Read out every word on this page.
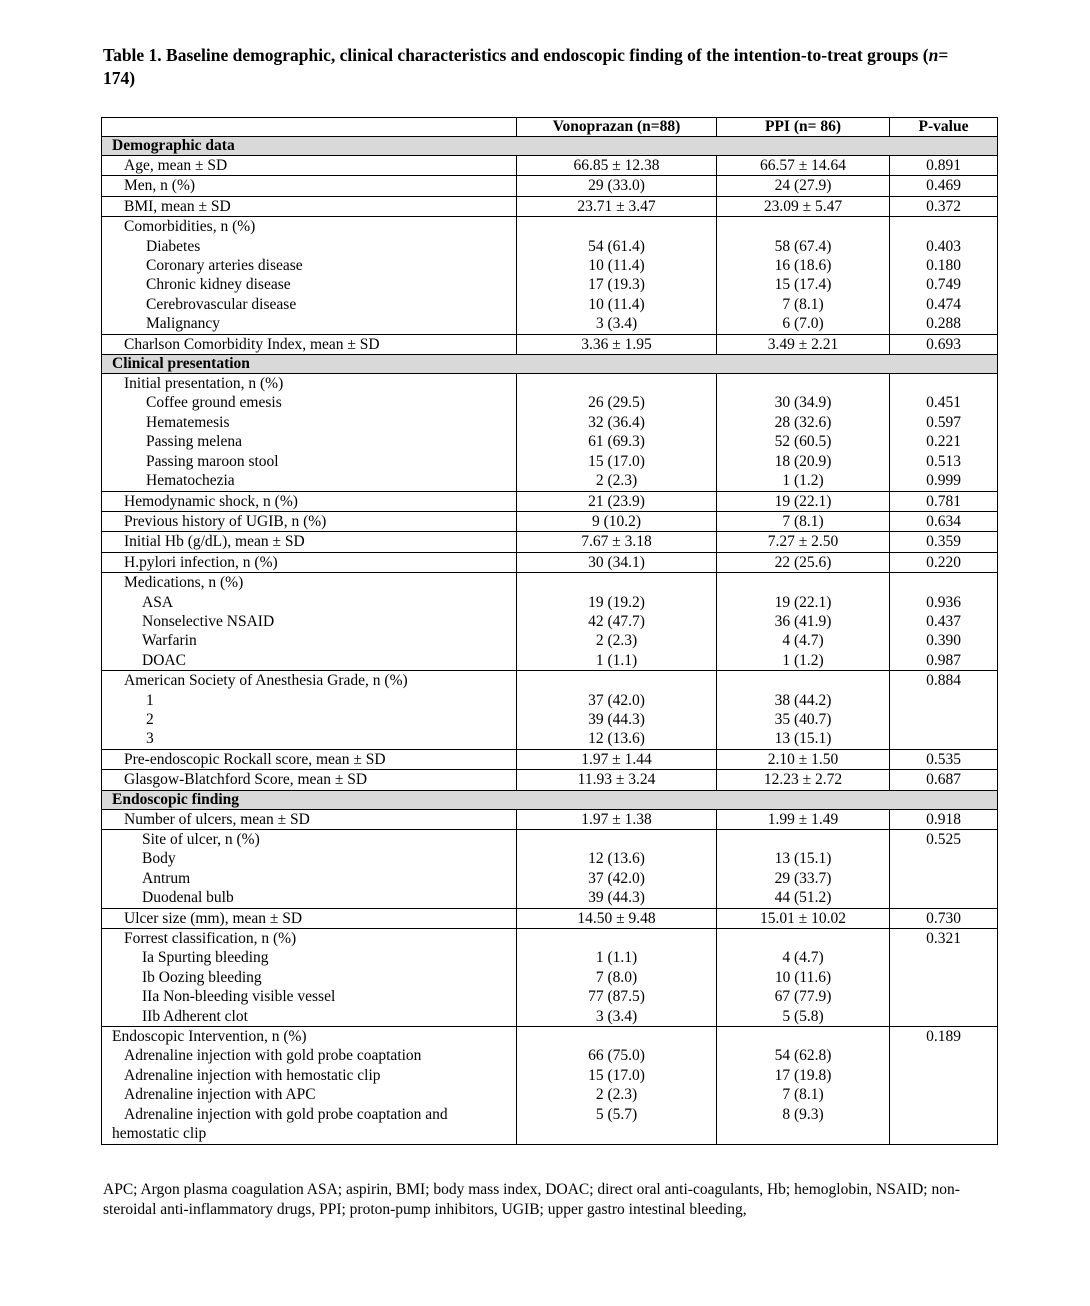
Table 1. Baseline demographic, clinical characteristics and endoscopic finding of the intention-to-treat groups (n= 174)
	Vonoprazan (n=88)	PPI (n= 86)	P-value
Demographic data			
Age, mean ± SD	66.85 ± 12.38	66.57 ± 14.64	0.891
Men, n (%)	29 (33.0)	24 (27.9)	0.469
BMI, mean ± SD	23.71 ± 3.47	23.09 ± 5.47	0.372
Comorbidities, n (%)			
Diabetes	54 (61.4)	58 (67.4)	0.403
Coronary arteries disease	10 (11.4)	16 (18.6)	0.180
Chronic kidney disease	17 (19.3)	15 (17.4)	0.749
Cerebrovascular disease	10 (11.4)	7 (8.1)	0.474
Malignancy	3 (3.4)	6 (7.0)	0.288
Charlson Comorbidity Index, mean ± SD	3.36 ± 1.95	3.49 ± 2.21	0.693
Clinical presentation			
Initial presentation, n (%)			
Coffee ground emesis	26 (29.5)	30 (34.9)	0.451
Hematemesis	32 (36.4)	28 (32.6)	0.597
Passing melena	61 (69.3)	52 (60.5)	0.221
Passing maroon stool	15 (17.0)	18 (20.9)	0.513
Hematochezia	2 (2.3)	1 (1.2)	0.999
Hemodynamic shock, n (%)	21 (23.9)	19 (22.1)	0.781
Previous history of UGIB, n (%)	9 (10.2)	7 (8.1)	0.634
Initial Hb (g/dL), mean ± SD	7.67 ± 3.18	7.27 ± 2.50	0.359
H.pylori infection, n (%)	30 (34.1)	22 (25.6)	0.220
Medications, n (%)			
ASA	19 (19.2)	19 (22.1)	0.936
Nonselective NSAID	42 (47.7)	36 (41.9)	0.437
Warfarin	2 (2.3)	4 (4.7)	0.390
DOAC	1 (1.1)	1 (1.2)	0.987
American Society of Anesthesia Grade, n (%)			0.884
1	37 (42.0)	38 (44.2)	
2	39 (44.3)	35 (40.7)	
3	12 (13.6)	13 (15.1)	
Pre-endoscopic Rockall score, mean ± SD	1.97 ± 1.44	2.10 ± 1.50	0.535
Glasgow-Blatchford Score, mean ± SD	11.93 ± 3.24	12.23 ± 2.72	0.687
Endoscopic finding			
Number of ulcers, mean ± SD	1.97 ± 1.38	1.99 ± 1.49	0.918
Site of ulcer, n (%)			0.525
Body	12 (13.6)	13 (15.1)	
Antrum	37 (42.0)	29 (33.7)	
Duodenal bulb	39 (44.3)	44 (51.2)	
Ulcer size (mm), mean ± SD	14.50 ± 9.48	15.01 ± 10.02	0.730
Forrest classification, n (%)			0.321
Ia Spurting bleeding	1 (1.1)	4 (4.7)	
Ib Oozing bleeding	7 (8.0)	10 (11.6)	
IIa Non-bleeding visible vessel	77 (87.5)	67 (77.9)	
IIb Adherent clot	3 (3.4)	5 (5.8)	
Endoscopic Intervention, n (%)			0.189
Adrenaline injection with gold probe coaptation	66 (75.0)	54 (62.8)	
Adrenaline injection with hemostatic clip	15 (17.0)	17 (19.8)	
Adrenaline injection with APC	2 (2.3)	7 (8.1)	
Adrenaline injection with gold probe coaptation and	5 (5.7)	8 (9.3)	
hemostatic clip			
APC; Argon plasma coagulation ASA; aspirin, BMI; body mass index, DOAC; direct oral anti-coagulants, Hb; hemoglobin, NSAID; non-steroidal anti-inflammatory drugs, PPI; proton-pump inhibitors, UGIB; upper gastro intestinal bleeding,
